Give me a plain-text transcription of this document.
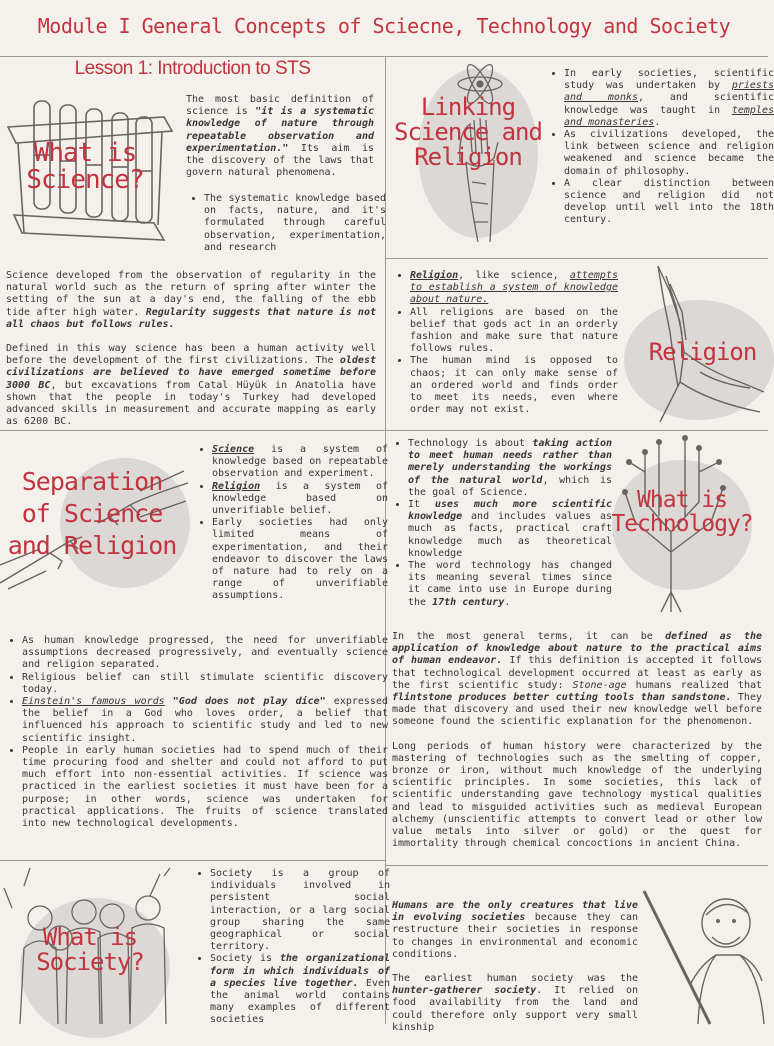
Module I General Concepts of Sciecne, Technology and Society
Lesson 1: Introduction to STS
What is Science?
The most basic definition of science is "it is a systematic knowledge of nature through repeatable observation and experimentation." Its aim is the discovery of the laws that govern natural phenomena.
• The systematic knowledge based on facts, nature, and it's formulated through careful observation, experimentation, and research

Science developed from the observation of regularity in the natural world such as the return of spring after winter the setting of the sun at a day's end, the falling of the ebb tide after high water. Regularity suggests that nature is not all chaos but follows rules.

Defined in this way science has been a human activity well before the development of the first civilizations. The oldest civilizations are believed to have emerged sometime before 3000 BC, but excavations from Catal Hüyük in Anatolia have shown that the people in today's Turkey had developed advanced skills in measurement and accurate mapping as early as 6200 BC.

Linking Science and Religion
• In early societies, scientific study was undertaken by priests and monks, and scientific knowledge was taught in temples and monasteries.
• As civilizations developed, the link between science and religion weakened and science became the domain of philosophy.
• A clear distinction between science and religion did not develop until well into the 18th century.
Religion
• Religion, like science, attempts to establish a system of knowledge about nature.
• All religions are based on the belief that gods act in an orderly fashion and make sure that nature follows rules.
• The human mind is opposed to chaos; it can only make sense of an ordered world and finds order to meet its needs, even where order may not exist.
Separation of Science and Religion
• Science is a system of knowledge based on repeatable observation and experiment.
• Religion is a system of knowledge based on unverifiable belief.
• Early societies had only limited means of experimentation, and their endeavor to discover the laws of nature had to rely on a range of unverifiable assumptions.
• As human knowledge progressed, the need for unverifiable assumptions decreased progressively, and eventually science and religion separated.
• Religious belief can still stimulate scientific discovery today.
• Einstein's famous words "God does not play dice" expressed the belief in a God who loves order, a belief that influenced his approach to scientific study and led to new scientific insight.
• People in early human societies had to spend much of their time procuring food and shelter and could not afford to put much effort into non-essential activities. If science was practiced in the earliest societies it must have been for a purpose; in other words, science was undertaken for practical applications. The fruits of science translated into new technological developments.
What is Technology?
• Technology is about taking action to meet human needs rather than merely understanding the workings of the natural world, which is the goal of Science.
• It uses much more scientific knowledge and includes values as much as facts, practical craft knowledge much as theoretical knowledge
• The word technology has changed its meaning several times since it came into use in Europe during the 17th century.

In the most general terms, it can be defined as the application of knowledge about nature to the practical aims of human endeavor. If this definition is accepted it follows that technological development occurred at least as early as the first scientific study: Stone-age humans realized that flintstone produces better cutting tools than sandstone. They made that discovery and used their new knowledge well before someone found the scientific explanation for the phenomenon.

Long periods of human history were characterized by the mastering of technologies such as the smelting of copper, bronze or iron, without much knowledge of the underlying scientific principles. In some societies, this lack of scientific understanding gave technology mystical qualities and lead to misguided activities such as medieval European alchemy (unscientific attempts to convert lead or other low value metals into silver or gold) or the quest for immortality through chemical concoctions in ancient China.

What is Society?
• Society is a group of individuals involved in persistent social interaction, or a larg social group sharing the same geographical or social territory.
• Society is the organizational form in which individuals of a species live together. Even the animal world contains many examples of different societies

Humans are the only creatures that live in evolving societies because they can restructure their societies in response to changes in environmental and economic conditions.

The earliest human society was the hunter-gatherer society. It relied on food availability from the land and could therefore only support very small kinship
